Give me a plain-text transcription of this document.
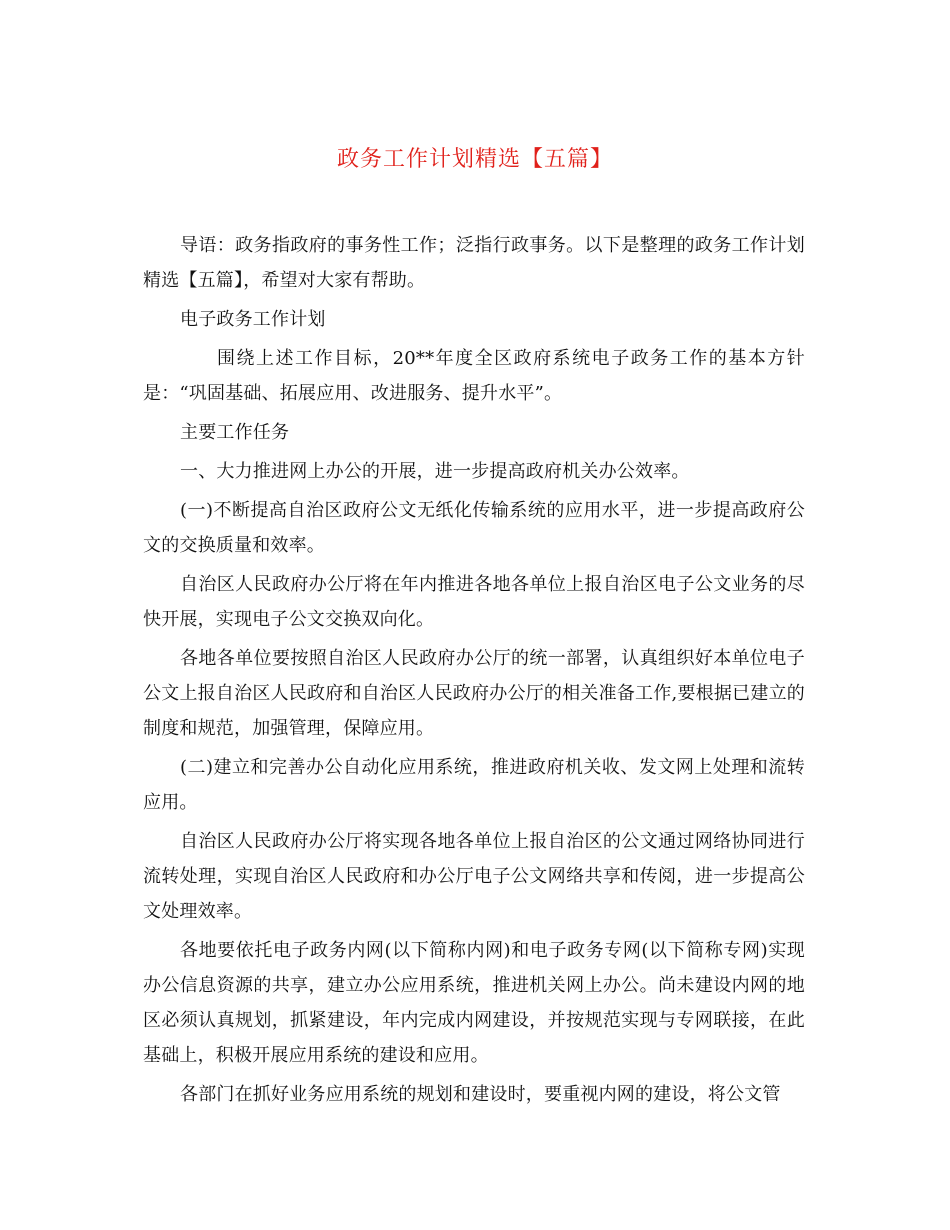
政务工作计划精选【五篇】

导语：政务指政府的事务性工作；泛指行政事务。以下是整理的政务工作计划精选【五篇】，希望对大家有帮助。

电子政务工作计划

围绕上述工作目标，20**年度全区政府系统电子政务工作的基本方针是：“巩固基础、拓展应用、改进服务、提升水平”。

主要工作任务

一、大力推进网上办公的开展，进一步提高政府机关办公效率。

(一)不断提高自治区政府公文无纸化传输系统的应用水平，进一步提高政府公文的交换质量和效率。

自治区人民政府办公厅将在年内推进各地各单位上报自治区电子公文业务的尽快开展，实现电子公文交换双向化。

各地各单位要按照自治区人民政府办公厅的统一部署，认真组织好本单位电子公文上报自治区人民政府和自治区人民政府办公厅的相关准备工作,要根据已建立的制度和规范，加强管理，保障应用。

(二)建立和完善办公自动化应用系统，推进政府机关收、发文网上处理和流转应用。

自治区人民政府办公厅将实现各地各单位上报自治区的公文通过网络协同进行流转处理，实现自治区人民政府和办公厅电子公文网络共享和传阅，进一步提高公文处理效率。

各地要依托电子政务内网(以下简称内网)和电子政务专网(以下简称专网)实现办公信息资源的共享，建立办公应用系统，推进机关网上办公。尚未建设内网的地区必须认真规划，抓紧建设，年内完成内网建设，并按规范实现与专网联接，在此基础上，积极开展应用系统的建设和应用。

各部门在抓好业务应用系统的规划和建设时，要重视内网的建设，将公文管
